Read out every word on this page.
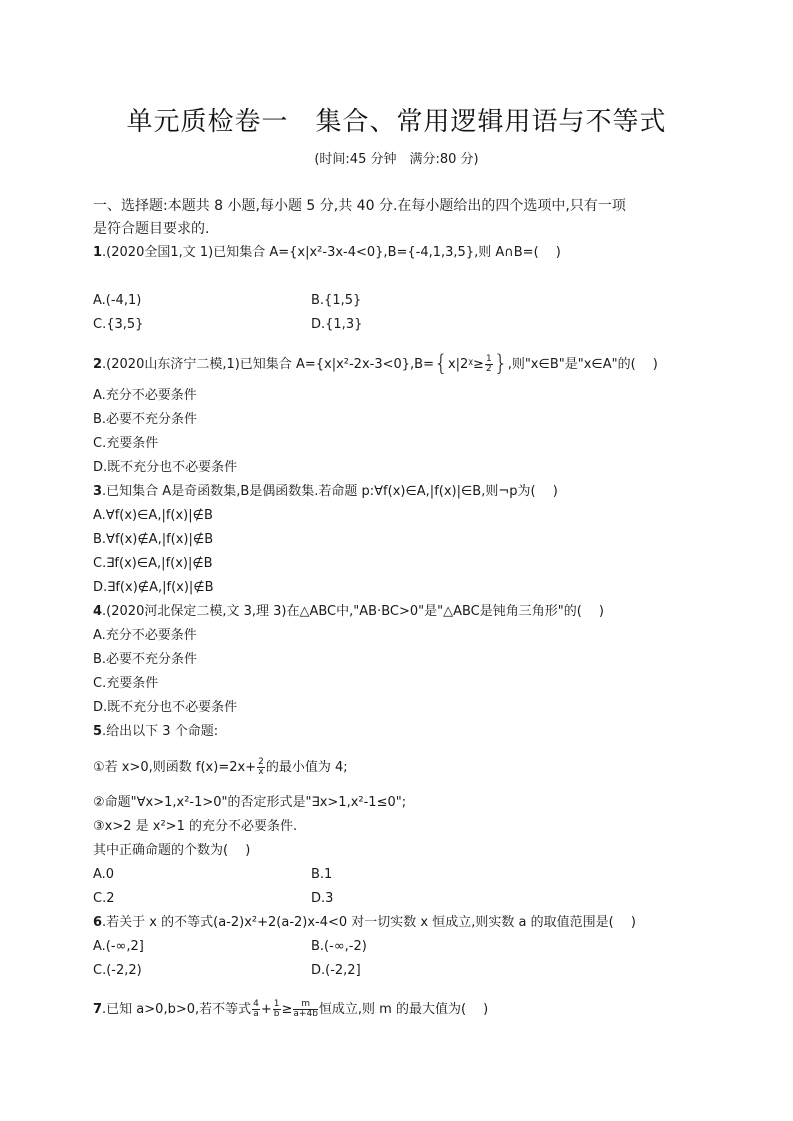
单元质检卷一　集合、常用逻辑用语与不等式
(时间:45 分钟　满分:80 分)
一、选择题:本题共 8 小题,每小题 5 分,共 40 分.在每小题给出的四个选项中,只有一项
是符合题目要求的.
1.(2020全国1,文 1)已知集合 A={x|x²-3x-4<0},B={-4,1,3,5},则 A∩B=(　 )
A.(-4,1)	B.{1,5}
C.{3,5}	D.{1,3}
2.(2020山东济宁二模,1)已知集合 A={x|x²-2x-3<0},B={x|2ᵡ≥ $\frac{1}{2}$ },则"x∈B"是"x∈A"的(　 )
A.充分不必要条件
B.必要不充分条件
C.充要条件
D.既不充分也不必要条件
3.已知集合 A是奇函数集,B是偶函数集.若命题 p:∀f(x)∈A,|f(x)|∈B,则¬p为(　 )
A.∀f(x)∈A,|f(x)|∉B
B.∀f(x)∉A,|f(x)|∉B
C.∃f(x)∈A,|f(x)|∉B
D.∃f(x)∉A,|f(x)|∉B
4.(2020河北保定二模,文 3,理 3)在△ABC中,"AB·BC>0"是"△ABC是钝角三角形"的(　 )
A.充分不必要条件
B.必要不充分条件
C.充要条件
D.既不充分也不必要条件
5.给出以下 3 个命题:
①若 x>0,则函数 $f(x)=2x+ \frac{2}{x}$ 的最小值为 4;
②命题"∀x>1,x²-1>0"的否定形式是"∃x>1,x²-1≤0";
③x>2 是 x²>1 的充分不必要条件.
其中正确命题的个数为(　 )
A.0	B.1
C.2	D.3
6.若关于 x 的不等式(a-2)x²+2(a-2)x-4<0 对一切实数 x 恒成立,则实数 a 的取值范围是(　 )
A.(-∞,2]	B.(-∞,-2)
C.(-2,2)	D.(-2,2]
7.已知 a>0,b>0,若不等式 $\frac{4}{a} + \frac{1}{b} \ge \frac{m}{a+4b}$ 恒成立,则 m 的最大值为(　 )
